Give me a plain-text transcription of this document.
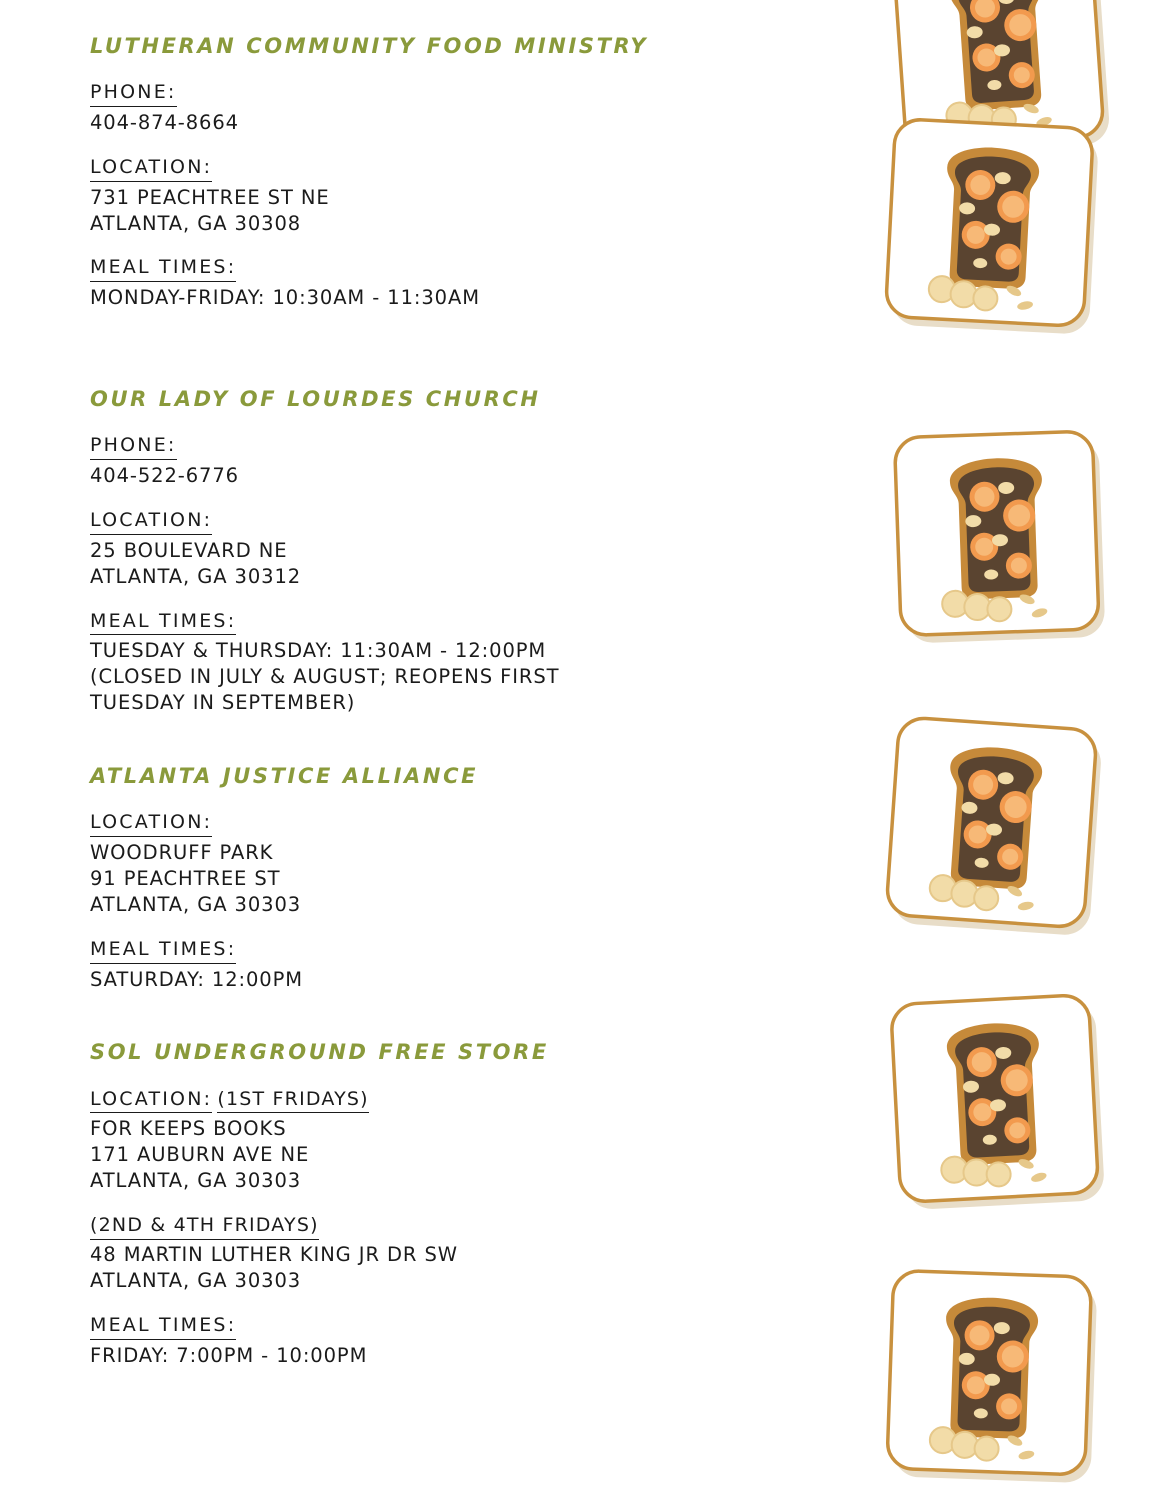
LUTHERAN COMMUNITY FOOD MINISTRY
PHONE:
404-874-8664
LOCATION:
731 PEACHTREE ST NE
ATLANTA, GA 30308
MEAL TIMES:
MONDAY-FRIDAY: 10:30AM - 11:30AM
OUR LADY OF LOURDES CHURCH
PHONE:
404-522-6776
LOCATION:
25 BOULEVARD NE
ATLANTA, GA 30312
MEAL TIMES:
TUESDAY & THURSDAY: 11:30AM - 12:00PM
(CLOSED IN JULY & AUGUST; REOPENS FIRST
TUESDAY IN SEPTEMBER)
ATLANTA JUSTICE ALLIANCE
LOCATION:
WOODRUFF PARK
91 PEACHTREE ST
ATLANTA, GA 30303
MEAL TIMES:
SATURDAY: 12:00PM
SOL UNDERGROUND FREE STORE
LOCATION: (1ST FRIDAYS)
FOR KEEPS BOOKS
171 AUBURN AVE NE
ATLANTA, GA 30303
(2ND & 4TH FRIDAYS)
48 MARTIN LUTHER KING JR DR SW
ATLANTA, GA 30303
MEAL TIMES:
FRIDAY: 7:00PM - 10:00PM
